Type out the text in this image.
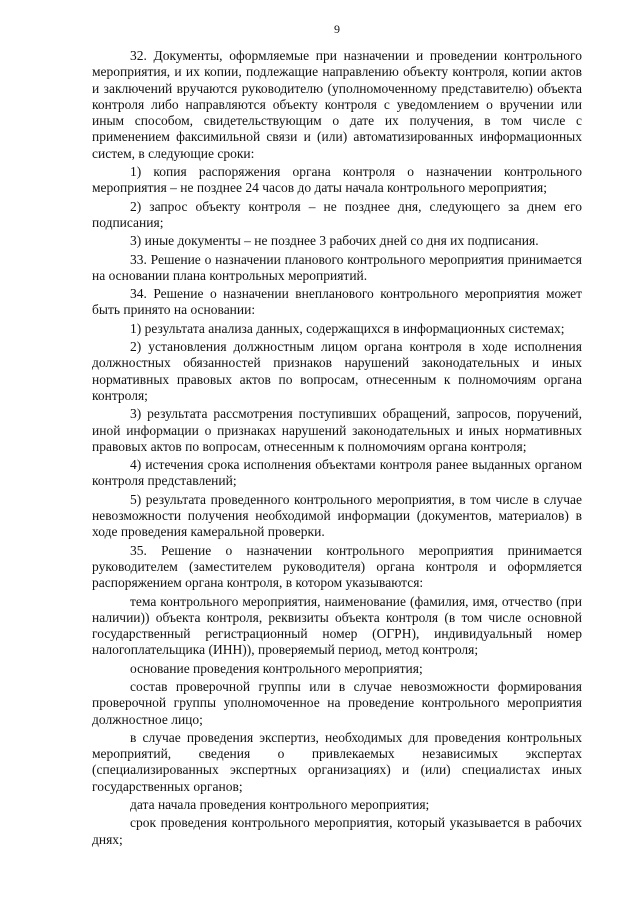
9

32. Документы, оформляемые при назначении и проведении контрольного мероприятия, и их копии, подлежащие направлению объекту контроля, копии актов и заключений вручаются руководителю (уполномоченному представителю) объекта контроля либо направляются объекту контроля с уведомлением о вручении или иным способом, свидетельствующим о дате их получения, в том числе с применением факсимильной связи и (или) автоматизированных информационных систем, в следующие сроки:

1) копия распоряжения органа контроля о назначении контрольного мероприятия – не позднее 24 часов до даты начала контрольного мероприятия;

2) запрос объекту контроля – не позднее дня, следующего за днем его подписания;

3) иные документы – не позднее 3 рабочих дней со дня их подписания.

33. Решение о назначении планового контрольного мероприятия принимается на основании плана контрольных мероприятий.

34. Решение о назначении внепланового контрольного мероприятия может быть принято на основании:

1) результата анализа данных, содержащихся в информационных системах;

2) установления должностным лицом органа контроля в ходе исполнения должностных обязанностей признаков нарушений законодательных и иных нормативных правовых актов по вопросам, отнесенным к полномочиям органа контроля;

3) результата рассмотрения поступивших обращений, запросов, поручений, иной информации о признаках нарушений законодательных и иных нормативных правовых актов по вопросам, отнесенным к полномочиям органа контроля;

4) истечения срока исполнения объектами контроля ранее выданных органом контроля представлений;

5) результата проведенного контрольного мероприятия, в том числе в случае невозможности получения необходимой информации (документов, материалов) в ходе проведения камеральной проверки.

35. Решение о назначении контрольного мероприятия принимается руководителем (заместителем руководителя) органа контроля и оформляется распоряжением органа контроля, в котором указываются:

тема контрольного мероприятия, наименование (фамилия, имя, отчество (при наличии)) объекта контроля, реквизиты объекта контроля (в том числе основной государственный регистрационный номер (ОГРН), индивидуальный номер налогоплательщика (ИНН)), проверяемый период, метод контроля;

основание проведения контрольного мероприятия;

состав проверочной группы или в случае невозможности формирования проверочной группы уполномоченное на проведение контрольного мероприятия должностное лицо;

в случае проведения экспертиз, необходимых для проведения контрольных мероприятий, сведения о привлекаемых независимых экспертах (специализированных экспертных организациях) и (или) специалистах иных государственных органов;

дата начала проведения контрольного мероприятия;

срок проведения контрольного мероприятия, который указывается в рабочих днях;
